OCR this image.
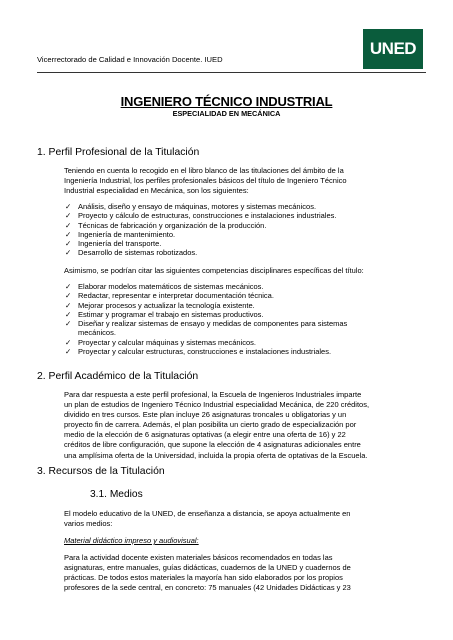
Vicerrectorado de Calidad e Innovación Docente. IUED
UNED
INGENIERO TÉCNICO INDUSTRIAL
ESPECIALIDAD EN MECÁNICA
1. Perfil Profesional de la Titulación
Teniendo en cuenta lo recogido en el libro blanco de las titulaciones del ámbito de la
Ingeniería Industrial, los perfiles profesionales básicos del título de Ingeniero Técnico
Industrial especialidad en Mecánica, son los siguientes:
✓ Análisis, diseño y ensayo de máquinas, motores y sistemas mecánicos.
✓ Proyecto y cálculo de estructuras, construcciones e instalaciones industriales.
✓ Técnicas de fabricación y organización de la producción.
✓ Ingeniería de mantenimiento.
✓ Ingeniería del transporte.
✓ Desarrollo de sistemas robotizados.
Asimismo, se podrían citar las siguientes competencias disciplinares específicas del título:
✓ Elaborar modelos matemáticos de sistemas mecánicos.
✓ Redactar, representar e interpretar documentación técnica.
✓ Mejorar procesos y actualizar la tecnología existente.
✓ Estimar y programar el trabajo en sistemas productivos.
✓ Diseñar y realizar sistemas de ensayo y medidas de componentes para sistemas
mecánicos.
✓ Proyectar y calcular máquinas y sistemas mecánicos.
✓ Proyectar y calcular estructuras, construcciones e instalaciones industriales.
2. Perfil Académico de la Titulación
Para dar respuesta a este perfil profesional, la Escuela de Ingenieros Industriales imparte
un plan de estudios de Ingeniero Técnico Industrial especialidad Mecánica, de 220 créditos,
dividido en tres cursos. Este plan incluye 26 asignaturas troncales u obligatorias y un
proyecto fin de carrera. Además, el plan posibilita un cierto grado de especialización por
medio de la elección de 6 asignaturas optativas (a elegir entre una oferta de 16) y 22
créditos de libre configuración, que supone la elección de 4 asignaturas adicionales entre
una amplísima oferta de la Universidad, incluida la propia oferta de optativas de la Escuela.
3. Recursos de la Titulación
3.1. Medios
El modelo educativo de la UNED, de enseñanza a distancia, se apoya actualmente en
varios medios:
Material didáctico impreso y audiovisual:
Para la actividad docente existen materiales básicos recomendados en todas las
asignaturas, entre manuales, guías didácticas, cuadernos de la UNED y cuadernos de
prácticas. De todos estos materiales la mayoría han sido elaborados por los propios
profesores de la sede central, en concreto: 75 manuales (42 Unidades Didácticas y 23
